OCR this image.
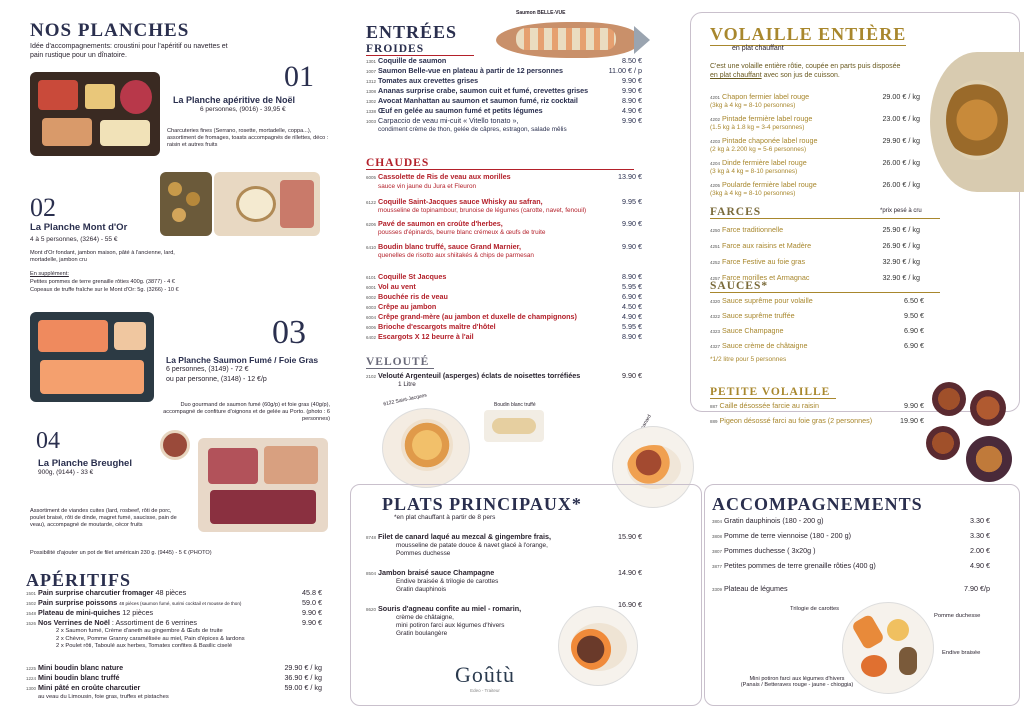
NOS PLANCHES
Idée d'accompagnements: croustini pour l'apéritif ou navettes et pain rustique pour un dînatoire.
01
La Planche apéritive de Noël
6 personnes, (9016) - 39,95 €
Charcuteries fines (Serrano, rosette, mortadelle, coppa...), assortiment de fromages, toasts accompagnés de rillettes, déco : raisin et autres fruits
02
La Planche Mont d'Or
4 à 5 personnes, (3264) - 55 €
Mont d'Or fondant, jambon maison, pâté à l'ancienne, lard, mortadelle, jambon cru
En supplément:
Petites pommes de terre grenaille rôties 400g. (3877) - 4 €
Copeaux de truffe fraîche sur le Mont d'Or: 5g. (3266) - 10 €
03
La Planche Saumon Fumé / Foie Gras
6 personnes, (3149) - 72 €
ou par personne, (3148) - 12 €/p
Duo gourmand de saumon fumé (60g/p) et foie gras (40g/p), accompagné de confiture d'oignons et de gelée au Porto. (photo : 6 personnes)
04
La Planche Breughel
900g, (9144) - 33 €
Assortiment de viandes cuites (lard, rosbeef, rôti de porc, poulet braisé, rôti de dinde, magret fumé, saucisse, pain de veau), accompagné de moutarde, cécor fruits
Possibilité d'ajouter un pot de filet américain 230 g. (9445) - 5 € (PHOTO)
APÉRITIFS
1501 Pain surprise charcutier fromager 48 pièces	45.8 €
1502 Pain surprise poissons 48 pièces (saumon fumé, surimi cocktail et mousse de thon)	59.0 €
1548 Plateau de mini-quiches 12 pièces	9.90 €
1526 Nos Verrines de Noël : Assortiment de 6 verrines	9.90 €
2 x Saumon fumé, Crème d'aneth au gingembre & Œufs de truite
2 x Chèvre, Pomme Granny caramélisée au miel, Pain d'épices & lardons
2 x Poulet rôti, Taboulé aux herbes, Tomates confites & Basilic ciselé
1225 Mini boudin blanc nature	29.90 € / kg
1224 Mini boudin blanc truffé	36.90 € / kg
1300 Mini pâté en croûte charcutier	59.00 € / kg
au veau du Limousin, foie gras, truffes et pistaches
ENTRÉES
Saumon BELLE-VUE
FROIDES
1301 Coquille de saumon	8.50 €
1007 Saumon Belle-vue en plateau à partir de 12 personnes	11.00 € / p
1312 Tomates aux crevettes grises	9.90 €
1308 Ananas surprise crabe, saumon cuit et fumé, crevettes grises	9.90 €
1302 Avocat Manhattan au saumon et saumon fumé, riz cocktail	8.90 €
1338 Œuf en gelée au saumon fumé et petits légumes	4.90 €
1003 Carpaccio de veau mi-cuit « Vitello tonato »,	9.90 €
condiment crème de thon, gelée de câpres, estragon, salade mêlis
CHAUDES
6005 Cassolette de Ris de veau aux morilles	13.90 €
sauce vin jaune du Jura et Fleuron
6122 Coquille Saint-Jacques sauce Whisky au safran,	9.95 €
mousseline de topinambour, brunoise de légumes (carotte, navet, fenouil)
6206 Pavé de saumon en croûte d'herbes,	9.90 €
pousses d'épinards, beurre blanc crémeux & œufs de truite
6410 Boudin blanc truffé, sauce Grand Marnier,	9.90 €
quenelles de risotto aux shiitakés & chips de parmesan
6101 Coquille St Jacques	8.90 €
6001 Vol au vent	5.95 €
6002 Bouchée ris de veau	6.90 €
6003 Crêpe au jambon	4.50 €
6004 Crêpe grand-mère (au jambon et duxelle de champignons)	4.90 €
6006 Brioche d'escargots maître d'hôtel	5.95 €
6402 Escargots X 12 beurre à l'ail	8.90 €
VELOUTÉ
2102 Velouté Argenteuil (asperges) éclats de noisettes torréfiées	9.90 €
1 Litre
6122 Saint-Jacques	Boudin blanc truffé
PLATS PRINCIPAUX*
*en plat chauffant à partir de 8 pers
8748 Filet de canard laqué au mezcal & gingembre frais,	15.90 €
mousseline de patate douce & navet glacé à l'orange,
Pommes duchesse
8504 Jambon braisé sauce Champagne	14.90 €
Endive braisée & trilogie de carottes
Gratin dauphinois
8620 Souris d'agneau confite au miel - romarin,	16.90 €
crème de châtaigne,
mini potiron farci aux légumes d'hivers
Gratin boulangère
Goûtù
Edeo - Traiteur
VOLAILLE ENTIÈRE
en plat chauffant
C'est une volaille entière rôtie, coupée en parts puis disposée
en plat chauffant avec son jus de cuisson.
4201 Chapon fermier label rouge	29.00 € / kg
(3kg à 4 kg = 8-10 personnes)
4202 Pintade fermière label rouge	23.00 € / kg
(1.5 kg à 1.8 kg = 3-4 personnes)
4203 Pintade chaponée label rouge	29.90 € / kg
(2 kg à 2.200 kg = 5-6 personnes)
4204 Dinde fermière label rouge	26.00 € / kg
(3 kg à 4 kg = 8-10 personnes)
4205 Poularde fermière label rouge	26.00 € / kg
(3kg à 4 kg = 8-10 personnes)
FARCES	*prix pesé à cru
4250 Farce traditionnelle	25.90 € / kg
4251 Farce aux raisins et Madère	26.90 € / kg
4252 Farce Festive au foie gras	32.90 € / kg
4257 Farce morilles et Armagnac	32.90 € / kg
SAUCES*
4320 Sauce suprême pour volaille	6.50 €
4322 Sauce suprême truffée	9.50 €
4323 Sauce Champagne	6.90 €
4327 Sauce crème de châtaigne	6.90 €
*1/2 litre pour 5 personnes
PETITE VOLAILLE
887 Caille désossée farcie au raisin	9.90 €
889 Pigeon désossé farci au foie gras (2 personnes)	19.90 €
ACCOMPAGNEMENTS
3804 Gratin dauphinois (180 - 200 g)	3.30 €
3808 Pomme de terre viennoise (180 - 200 g)	3.30 €
3807 Pommes duchesse ( 3x20g )	2.00 €
3877 Petites pommes de terre grenaille rôties (400 g)	4.90 €
3309 Plateau de légumes	7.90 €/p
Trilogie de carottes
Pomme duchesse
Endive braisée
Mini potiron farci aux légumes d'hivers
(Panais / Betteraves rouge - jaune - chioggia)
